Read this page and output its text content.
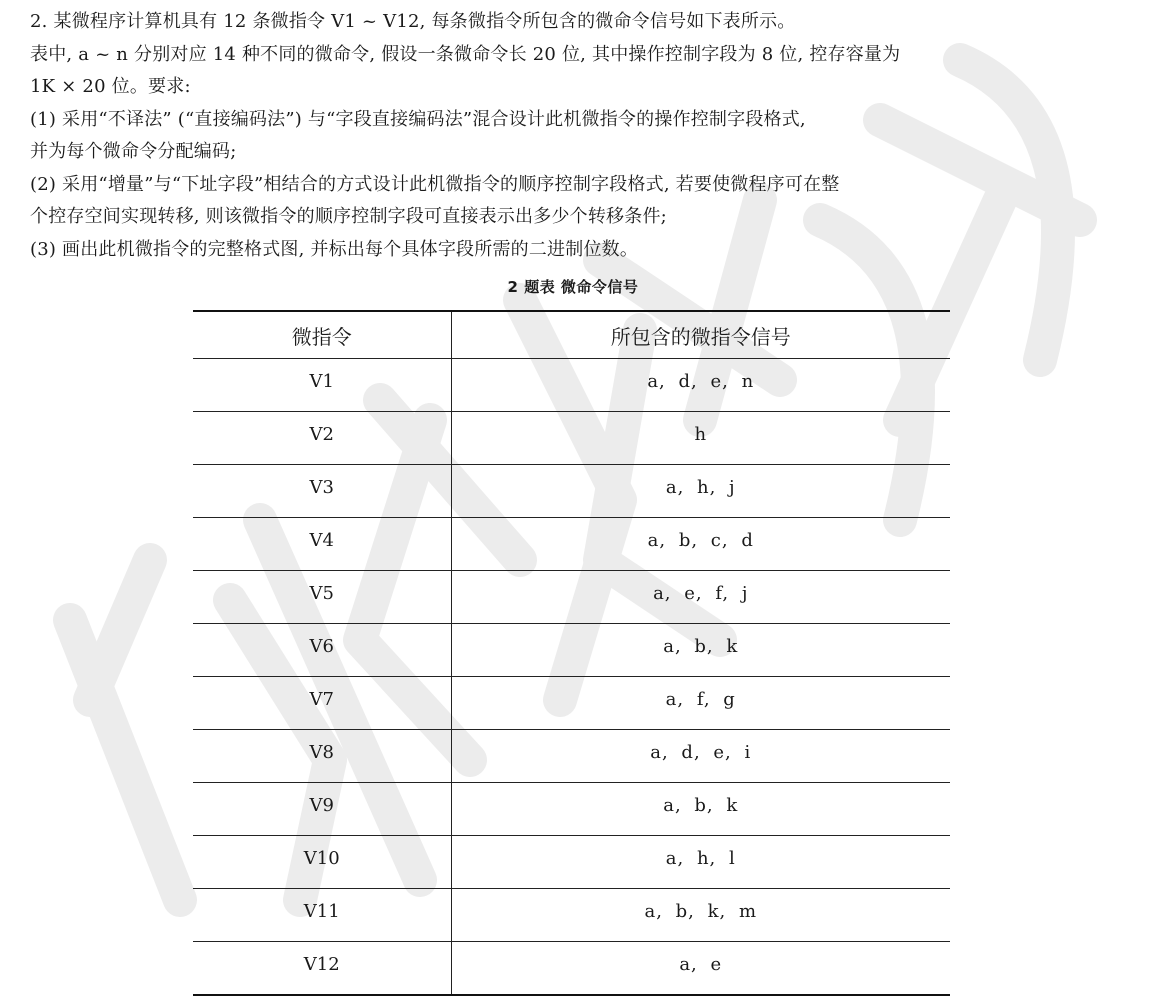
2. 某微程序计算机具有 12 条微指令 V1 ~ V12, 每条微指令所包含的微命令信号如下表所示。

表中, a ~ n 分别对应 14 种不同的微命令, 假设一条微命令长 20 位, 其中操作控制字段为 8 位, 控存容量为

1K × 20 位。要求:

(1) 采用“不译法” (“直接编码法”) 与“字段直接编码法”混合设计此机微指令的操作控制字段格式,

并为每个微命令分配编码;

(2) 采用“增量”与“下址字段”相结合的方式设计此机微指令的顺序控制字段格式, 若要使微程序可在整

个控存空间实现转移, 则该微指令的顺序控制字段可直接表示出多少个转移条件;

(3) 画出此机微指令的完整格式图, 并标出每个具体字段所需的二进制位数。

2 题表 微命令信号
微指令	所包含的微指令信号
V1	a, d, e, n
V2	h
V3	a, h, j
V4	a, b, c, d
V5	a, e, f, j
V6	a, b, k
V7	a, f, g
V8	a, d, e, i
V9	a, b, k
V10	a, h, l
V11	a, b, k, m
V12	a, e
